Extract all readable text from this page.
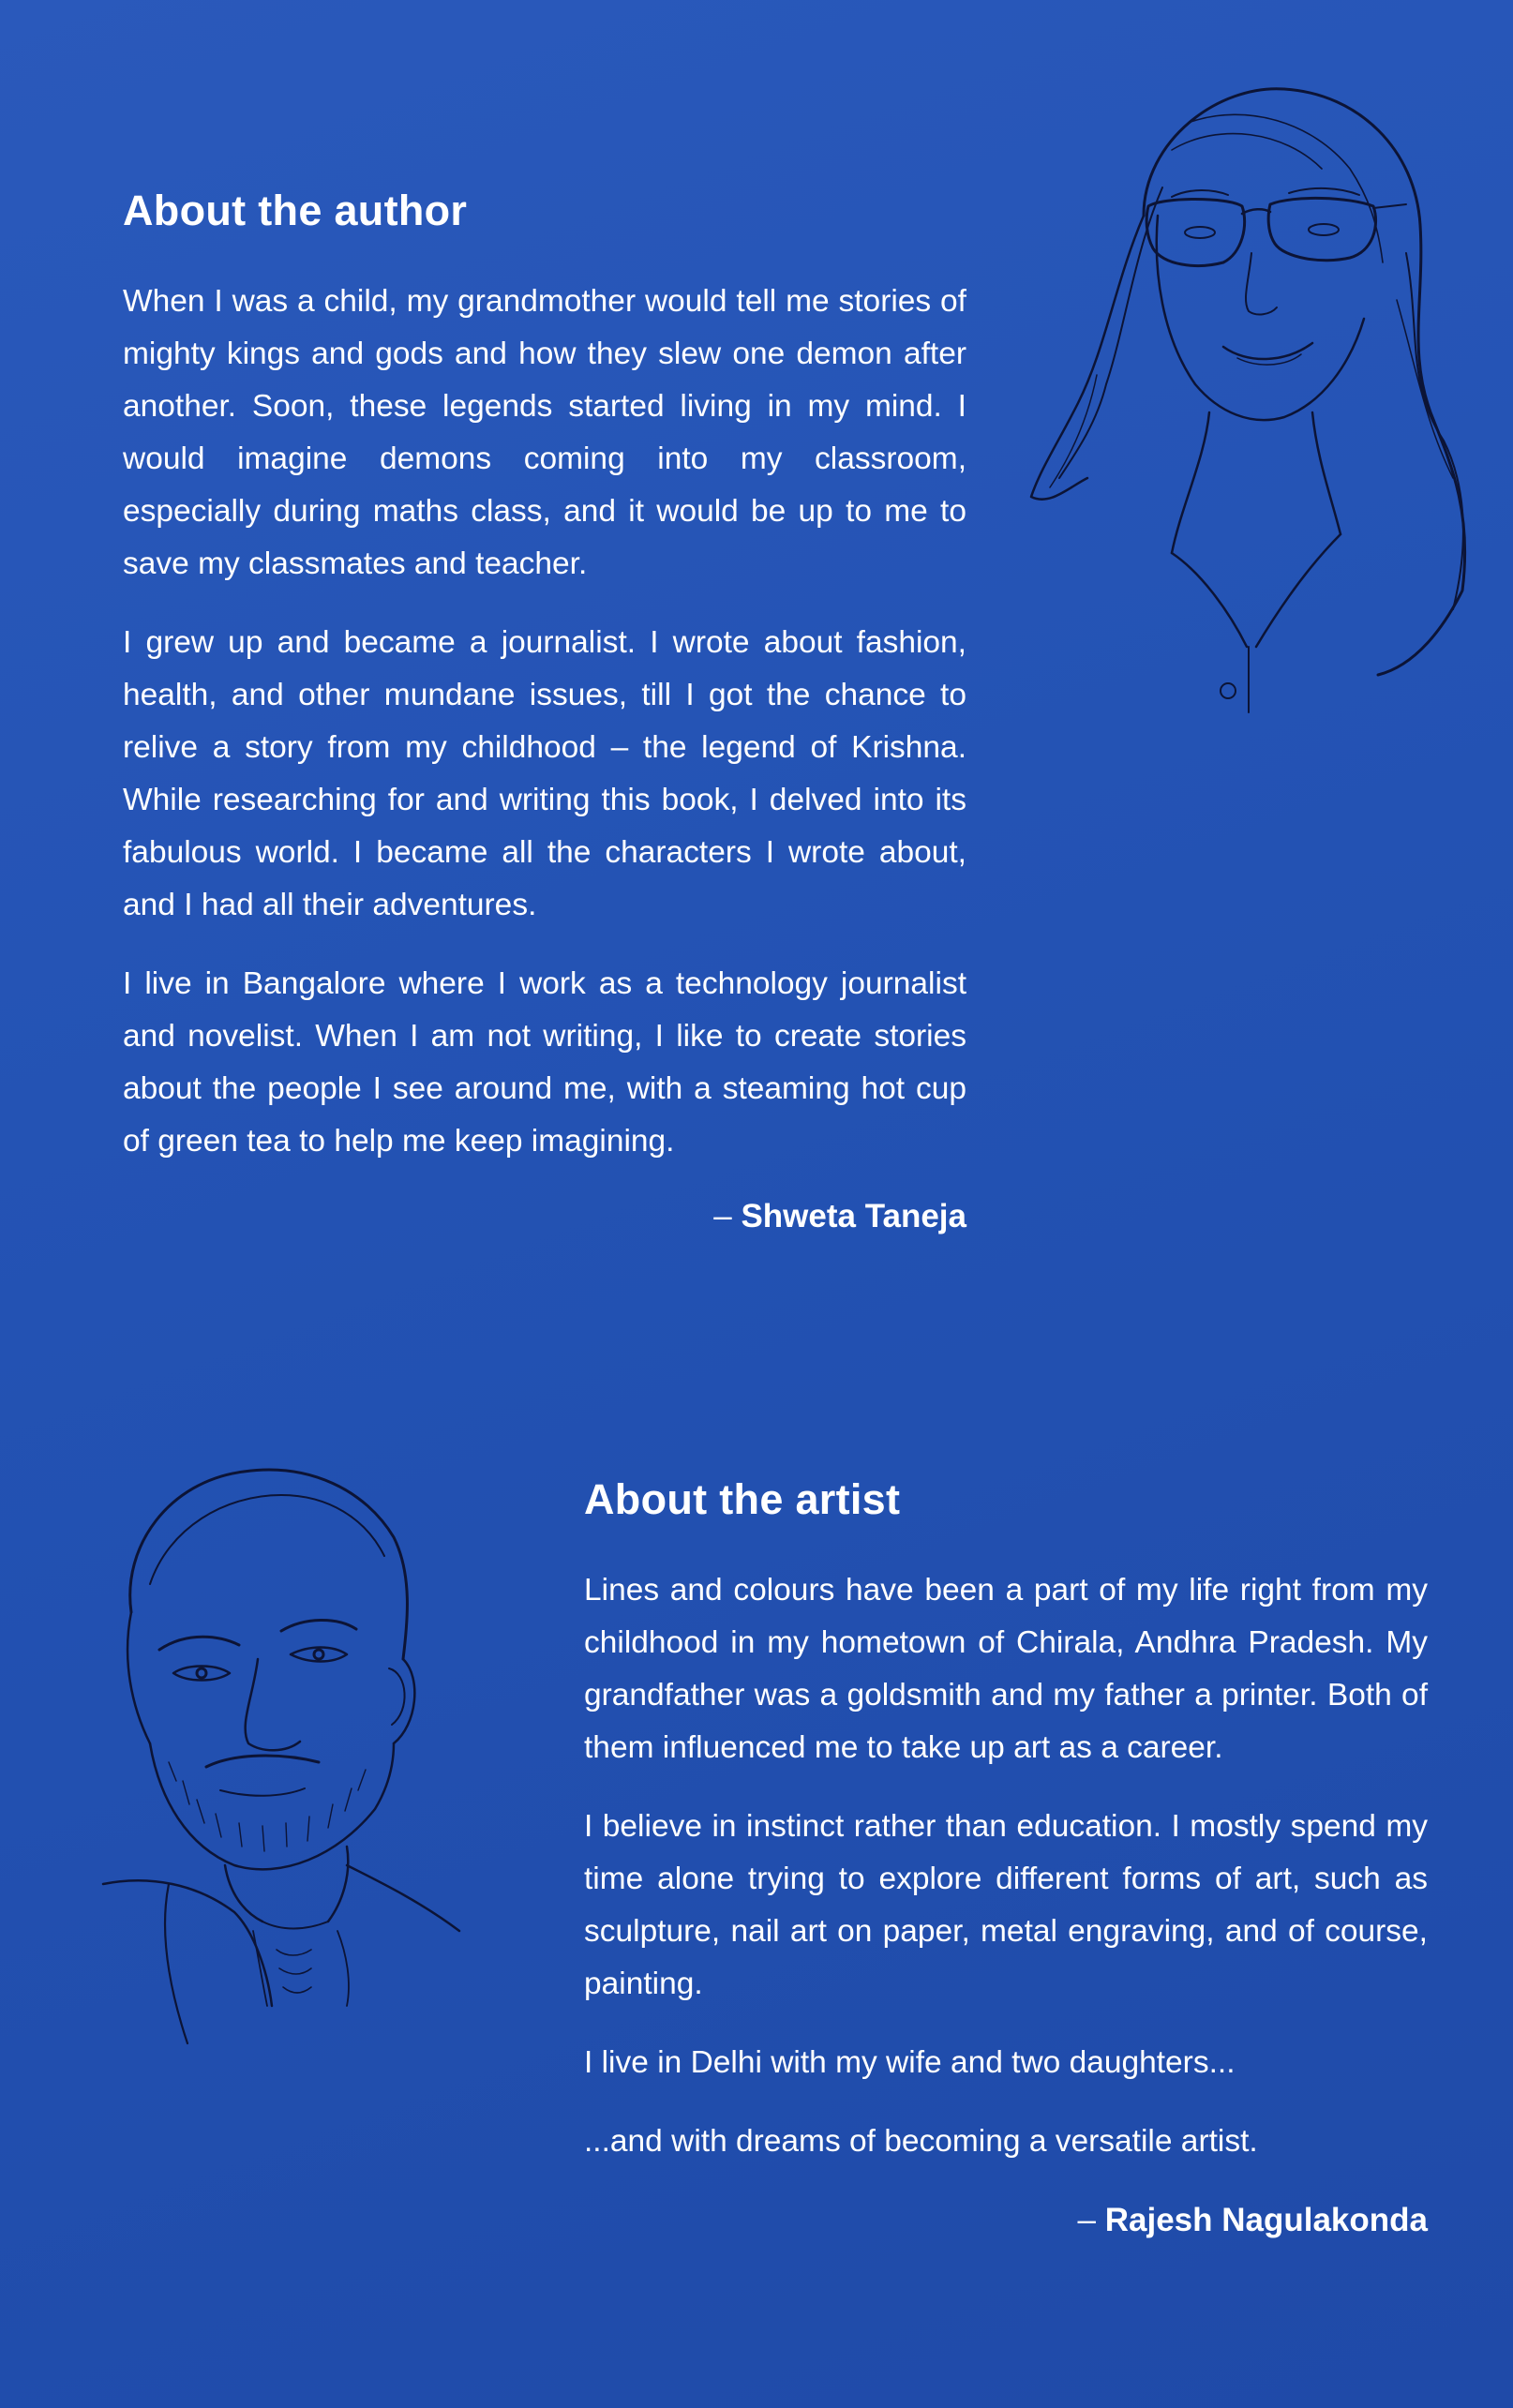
About the author

When I was a child, my grandmother would tell me stories of mighty kings and gods and how they slew one demon after another. Soon, these legends started living in my mind. I would imagine demons coming into my classroom, especially during maths class, and it would be up to me to save my classmates and teacher.

I grew up and became a journalist. I wrote about fashion, health, and other mundane issues, till I got the chance to relive a story from my childhood – the legend of Krishna. While researching for and writing this book, I delved into its fabulous world. I became all the characters I wrote about, and I had all their adventures.

I live in Bangalore where I work as a technology journalist and novelist. When I am not writing, I like to create stories about the people I see around me, with a steaming hot cup of green tea to help me keep imagining.

– Shweta Taneja
About the artist

Lines and colours have been a part of my life right from my childhood in my hometown of Chirala, Andhra Pradesh. My grandfather was a goldsmith and my father a printer. Both of them influenced me to take up art as a career.

I believe in instinct rather than education. I mostly spend my time alone trying to explore different forms of art, such as sculpture, nail art on paper, metal engraving, and of course, painting.

I live in Delhi with my wife and two daughters...

...and with dreams of becoming a versatile artist.

– Rajesh Nagulakonda
